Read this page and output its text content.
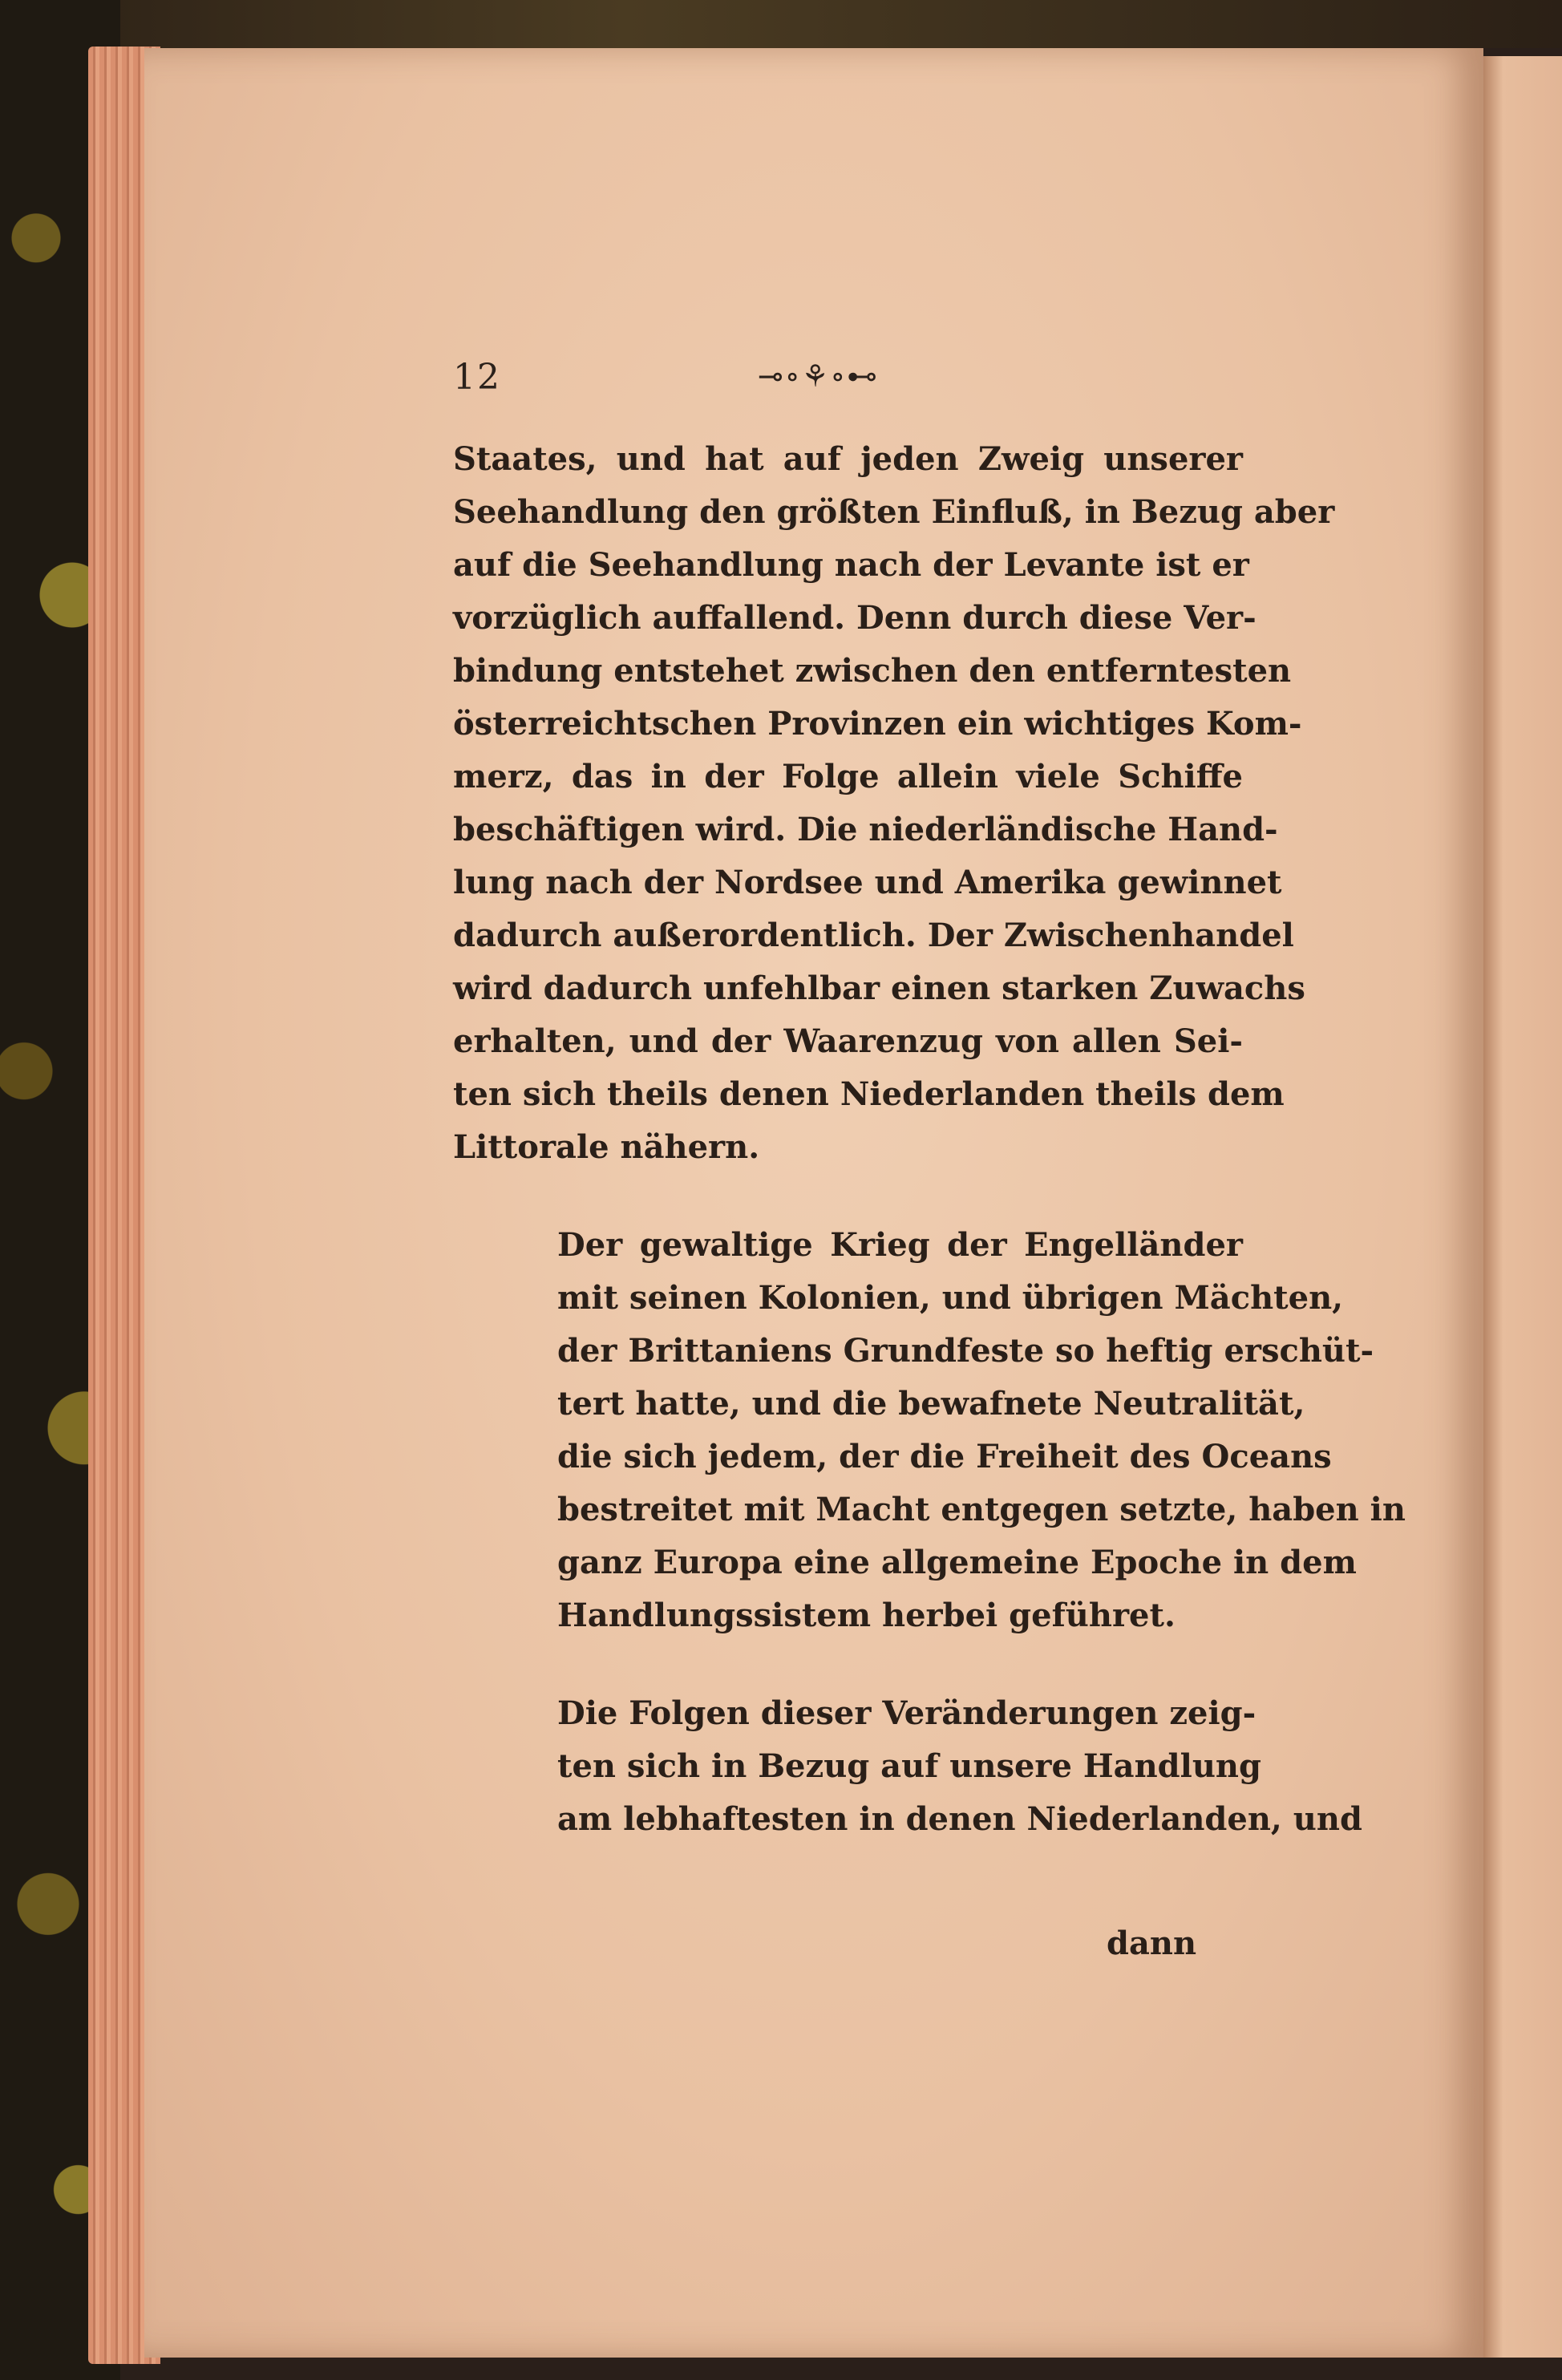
12	⊸∘⚘∘⊷

Staates, und hat auf jeden Zweig unserer
Seehandlung den größten Einfluß, in Bezug aber
auf die Seehandlung nach der Levante ist er
vorzüglich auffallend. Denn durch diese Ver-
bindung entstehet zwischen den entferntesten
österreichtschen Provinzen ein wichtiges Kom-
merz, das in der Folge allein viele Schiffe
beschäftigen wird. Die niederländische Hand-
lung nach der Nordsee und Amerika gewinnet
dadurch außerordentlich. Der Zwischenhandel
wird dadurch unfehlbar einen starken Zuwachs
erhalten, und der Waarenzug von allen Sei-
ten sich theils denen Niederlanden theils dem
Littorale nähern.

Der gewaltige Krieg der Engelländer
mit seinen Kolonien, und übrigen Mächten,
der Brittaniens Grundfeste so heftig erschüt-
tert hatte, und die bewafnete Neutralität,
die sich jedem, der die Freiheit des Oceans
bestreitet mit Macht entgegen setzte, haben in
ganz Europa eine allgemeine Epoche in dem
Handlungssistem herbei geführet.

Die Folgen dieser Veränderungen zeig-
ten sich in Bezug auf unsere Handlung
am lebhaftesten in denen Niederlanden, und

dann
